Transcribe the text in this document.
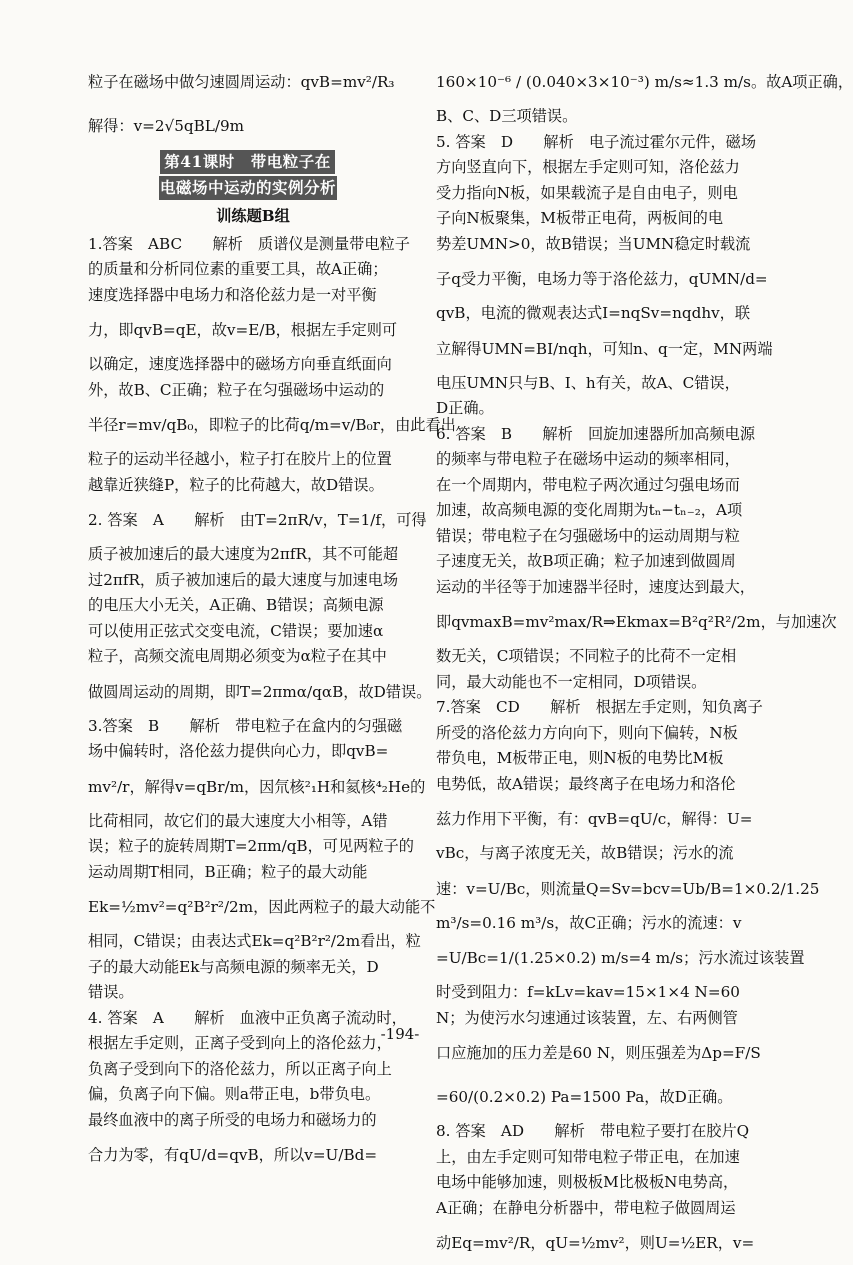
粒子在磁场中做匀速圆周运动：qvB=mv²/R₃
解得：v=2√5qBL/9m
第41课时　带电粒子在
电磁场中运动的实例分析
训练题B组
1.答案　ABC　　解析　质谱仪是测量带电粒子
的质量和分析同位素的重要工具，故A正确；
速度选择器中电场力和洛伦兹力是一对平衡
力，即qvB=qE，故v=E/B，根据左手定则可
以确定，速度选择器中的磁场方向垂直纸面向
外，故B、C正确；粒子在匀强磁场中运动的
半径r=mv/qB₀，即粒子的比荷q/m=v/B₀r，由此看出
粒子的运动半径越小，粒子打在胶片上的位置
越靠近狭缝P，粒子的比荷越大，故D错误。
2. 答案　A　　解析　由T=2πR/v，T=1/f，可得
质子被加速后的最大速度为2πfR，其不可能超
过2πfR，质子被加速后的最大速度与加速电场
的电压大小无关，A正确、B错误；高频电源
可以使用正弦式交变电流，C错误；要加速α
粒子，高频交流电周期必须变为α粒子在其中
做圆周运动的周期，即T=2πmα/qαB，故D错误。
3.答案　B　　解析　带电粒子在盒内的匀强磁
场中偏转时，洛伦兹力提供向心力，即qvB=
mv²/r，解得v=qBr/m，因氘核²₁H和氦核⁴₂He的
比荷相同，故它们的最大速度大小相等，A错
误；粒子的旋转周期T=2πm/qB，可见两粒子的
运动周期T相同，B正确；粒子的最大动能
Ek=½mv²=q²B²r²/2m，因此两粒子的最大动能不
相同，C错误；由表达式Ek=q²B²r²/2m看出，粒
子的最大动能Ek与高频电源的频率无关，D
错误。
4. 答案　A　　解析　血液中正负离子流动时，
根据左手定则，正离子受到向上的洛伦兹力，
负离子受到向下的洛伦兹力，所以正离子向上
偏，负离子向下偏。则a带正电，b带负电。
最终血液中的离子所受的电场力和磁场力的
合力为零，有qU/d=qvB，所以v=U/Bd=
160×10⁻⁶ / (0.040×3×10⁻³) m/s≈1.3 m/s。故A项正确，
B、C、D三项错误。
5. 答案　D　　解析　电子流过霍尔元件，磁场
方向竖直向下，根据左手定则可知，洛伦兹力
受力指向N板，如果载流子是自由电子，则电
子向N板聚集，M板带正电荷，两板间的电
势差UMN>0，故B错误；当UMN稳定时载流
子q受力平衡，电场力等于洛伦兹力，qUMN/d=
qvB，电流的微观表达式I=nqSv=nqdhv，联
立解得UMN=BI/nqh，可知n、q一定，MN两端
电压UMN只与B、I、h有关，故A、C错误，
D正确。
6. 答案　B　　解析　回旋加速器所加高频电源
的频率与带电粒子在磁场中运动的频率相同，
在一个周期内，带电粒子两次通过匀强电场而
加速，故高频电源的变化周期为tₙ−tₙ₋₂，A项
错误；带电粒子在匀强磁场中的运动周期与粒
子速度无关，故B项正确；粒子加速到做圆周
运动的半径等于加速器半径时，速度达到最大，
即qvmaxB=mv²max/R⇒Ekmax=B²q²R²/2m，与加速次
数无关，C项错误；不同粒子的比荷不一定相
同，最大动能也不一定相同，D项错误。
7.答案　CD　　解析　根据左手定则，知负离子
所受的洛伦兹力方向向下，则向下偏转，N板
带负电，M板带正电，则N板的电势比M板
电势低，故A错误；最终离子在电场力和洛伦
兹力作用下平衡，有：qvB=qU/c，解得：U=
vBc，与离子浓度无关，故B错误；污水的流
速：v=U/Bc，则流量Q=Sv=bcv=Ub/B=1×0.2/1.25
m³/s=0.16 m³/s，故C正确；污水的流速：v
=U/Bc=1/(1.25×0.2) m/s=4 m/s；污水流过该装置
时受到阻力：f=kLv=kav=15×1×4 N=60
N；为使污水匀速通过该装置，左、右两侧管
口应施加的压力差是60 N，则压强差为Δp=F/S
=60/(0.2×0.2) Pa=1500 Pa，故D正确。
8. 答案　AD　　解析　带电粒子要打在胶片Q
上，由左手定则可知带电粒子带正电，在加速
电场中能够加速，则极板M比极板N电势高，
A正确；在静电分析器中，带电粒子做圆周运
动Eq=mv²/R，qU=½mv²，则U=½ER，v=
-194-
